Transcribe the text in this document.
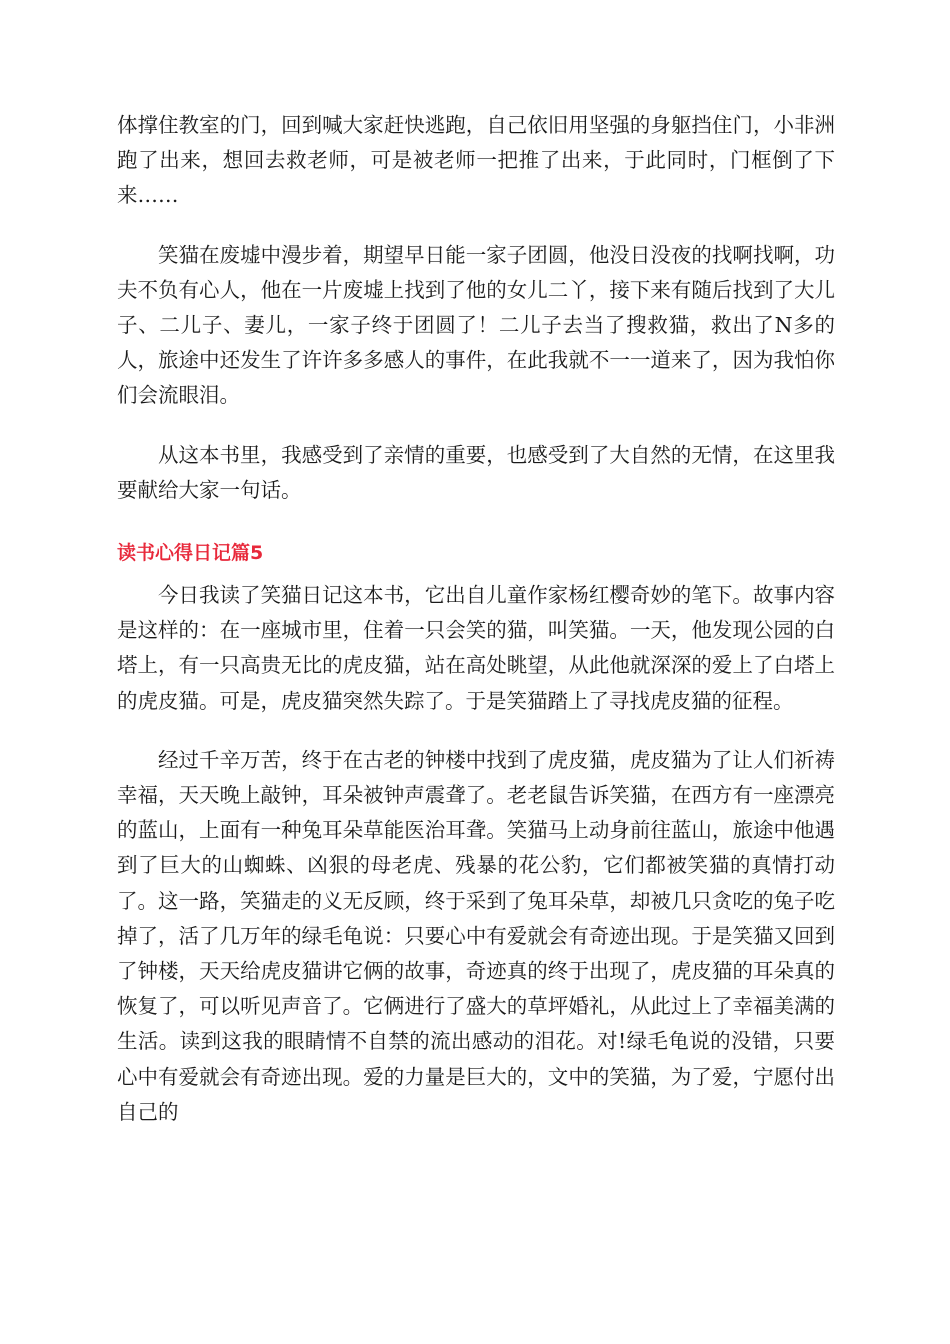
体撑住教室的门，回到喊大家赶快逃跑，自己依旧用坚强的身躯挡住门，小非洲跑了出来，想回去救老师，可是被老师一把推了出来，于此同时，门框倒了下来……

笑猫在废墟中漫步着，期望早日能一家子团圆，他没日没夜的找啊找啊，功夫不负有心人，他在一片废墟上找到了他的女儿二丫，接下来有随后找到了大儿子、二儿子、妻儿，一家子终于团圆了！二儿子去当了搜救猫，救出了N多的人，旅途中还发生了许许多多感人的事件，在此我就不一一道来了，因为我怕你们会流眼泪。

从这本书里，我感受到了亲情的重要，也感受到了大自然的无情，在这里我要献给大家一句话。

读书心得日记篇5

今日我读了笑猫日记这本书，它出自儿童作家杨红樱奇妙的笔下。故事内容是这样的：在一座城市里，住着一只会笑的猫，叫笑猫。一天，他发现公园的白塔上，有一只高贵无比的虎皮猫，站在高处眺望，从此他就深深的爱上了白塔上的虎皮猫。可是，虎皮猫突然失踪了。于是笑猫踏上了寻找虎皮猫的征程。

经过千辛万苦，终于在古老的钟楼中找到了虎皮猫，虎皮猫为了让人们祈祷幸福，天天晚上敲钟，耳朵被钟声震聋了。老老鼠告诉笑猫，在西方有一座漂亮的蓝山，上面有一种兔耳朵草能医治耳聋。笑猫马上动身前往蓝山，旅途中他遇到了巨大的山蜘蛛、凶狠的母老虎、残暴的花公豹，它们都被笑猫的真情打动了。这一路，笑猫走的义无反顾，终于采到了兔耳朵草，却被几只贪吃的兔子吃掉了，活了几万年的绿毛龟说：只要心中有爱就会有奇迹出现。于是笑猫又回到了钟楼，天天给虎皮猫讲它俩的故事，奇迹真的终于出现了，虎皮猫的耳朵真的恢复了，可以听见声音了。它俩进行了盛大的草坪婚礼，从此过上了幸福美满的生活。读到这我的眼睛情不自禁的流出感动的泪花。对!绿毛龟说的没错，只要心中有爱就会有奇迹出现。爱的力量是巨大的，文中的笑猫，为了爱，宁愿付出自己的
